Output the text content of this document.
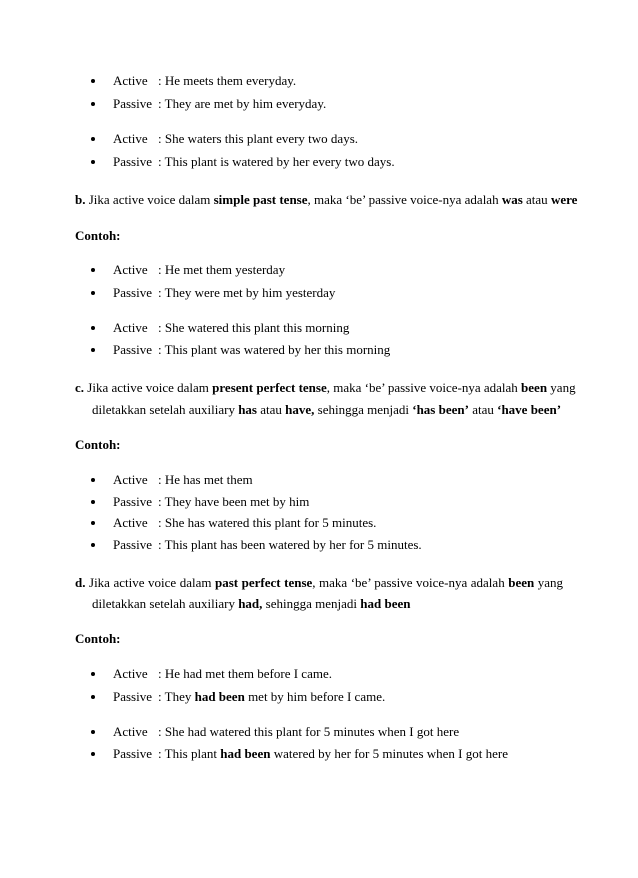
Active : He meets them everyday.
Passive : They are met by him everyday.
Active : She waters this plant every two days.
Passive : This plant is watered by her every two days.
b. Jika active voice dalam simple past tense, maka ‘be’ passive voice-nya adalah was atau were
Contoh:
Active : He met them yesterday
Passive : They were met by him yesterday
Active : She watered this plant this morning
Passive : This plant was watered by her this morning
c. Jika active voice dalam present perfect tense, maka ‘be’ passive voice-nya adalah been yang
diletakkan setelah auxiliary has atau have, sehingga menjadi ‘has been’ atau ‘have been’
Contoh:
Active : He has met them
Passive : They have been met by him
Active : She has watered this plant for 5 minutes.
Passive : This plant has been watered by her for 5 minutes.
d. Jika active voice dalam past perfect tense, maka ‘be’ passive voice-nya adalah been yang
diletakkan setelah auxiliary had, sehingga menjadi had been
Contoh:
Active : He had met them before I came.
Passive : They had been met by him before I came.
Active : She had watered this plant for 5 minutes when I got here
Passive : This plant had been watered by her for 5 minutes when I got here
